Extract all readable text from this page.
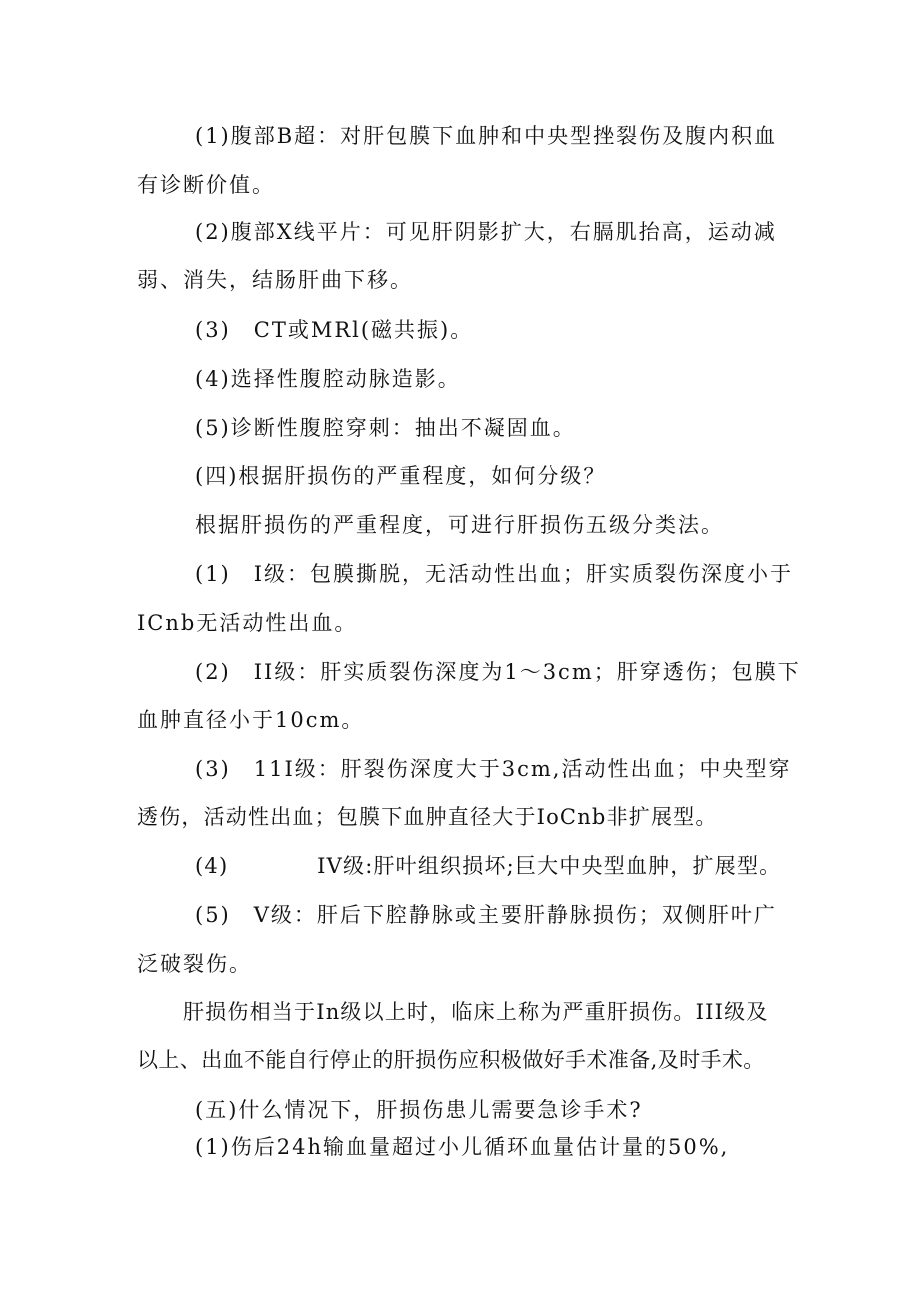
(1)腹部B超：对肝包膜下血肿和中央型挫裂伤及腹内积血

有诊断价值。

(2)腹部X线平片：可见肝阴影扩大，右膈肌抬高，运动减

弱、消失，结肠肝曲下移。

(3)　CT或MRl(磁共振)。

(4)选择性腹腔动脉造影。

(5)诊断性腹腔穿刺：抽出不凝固血。

(四)根据肝损伤的严重程度，如何分级？

根据肝损伤的严重程度，可进行肝损伤五级分类法。

(1)　I级：包膜撕脱，无活动性出血；肝实质裂伤深度小于

ICnb无活动性出血。

(2)　II级：肝实质裂伤深度为1～3cm；肝穿透伤；包膜下

血肿直径小于10cm。

(3)　11I级：肝裂伤深度大于3cm,活动性出血；中央型穿

透伤，活动性出血；包膜下血肿直径大于IoCnb非扩展型。

(4)　　　　IV级:肝叶组织损坏;巨大中央型血肿，扩展型。

(5)　V级：肝后下腔静脉或主要肝静脉损伤；双侧肝叶广

泛破裂伤。

肝损伤相当于In级以上时，临床上称为严重肝损伤。III级及

以上、出血不能自行停止的肝损伤应积极做好手术准备,及时手术。

(五)什么情况下，肝损伤患儿需要急诊手术?

(1)伤后24h输血量超过小儿循环血量估计量的50%,
